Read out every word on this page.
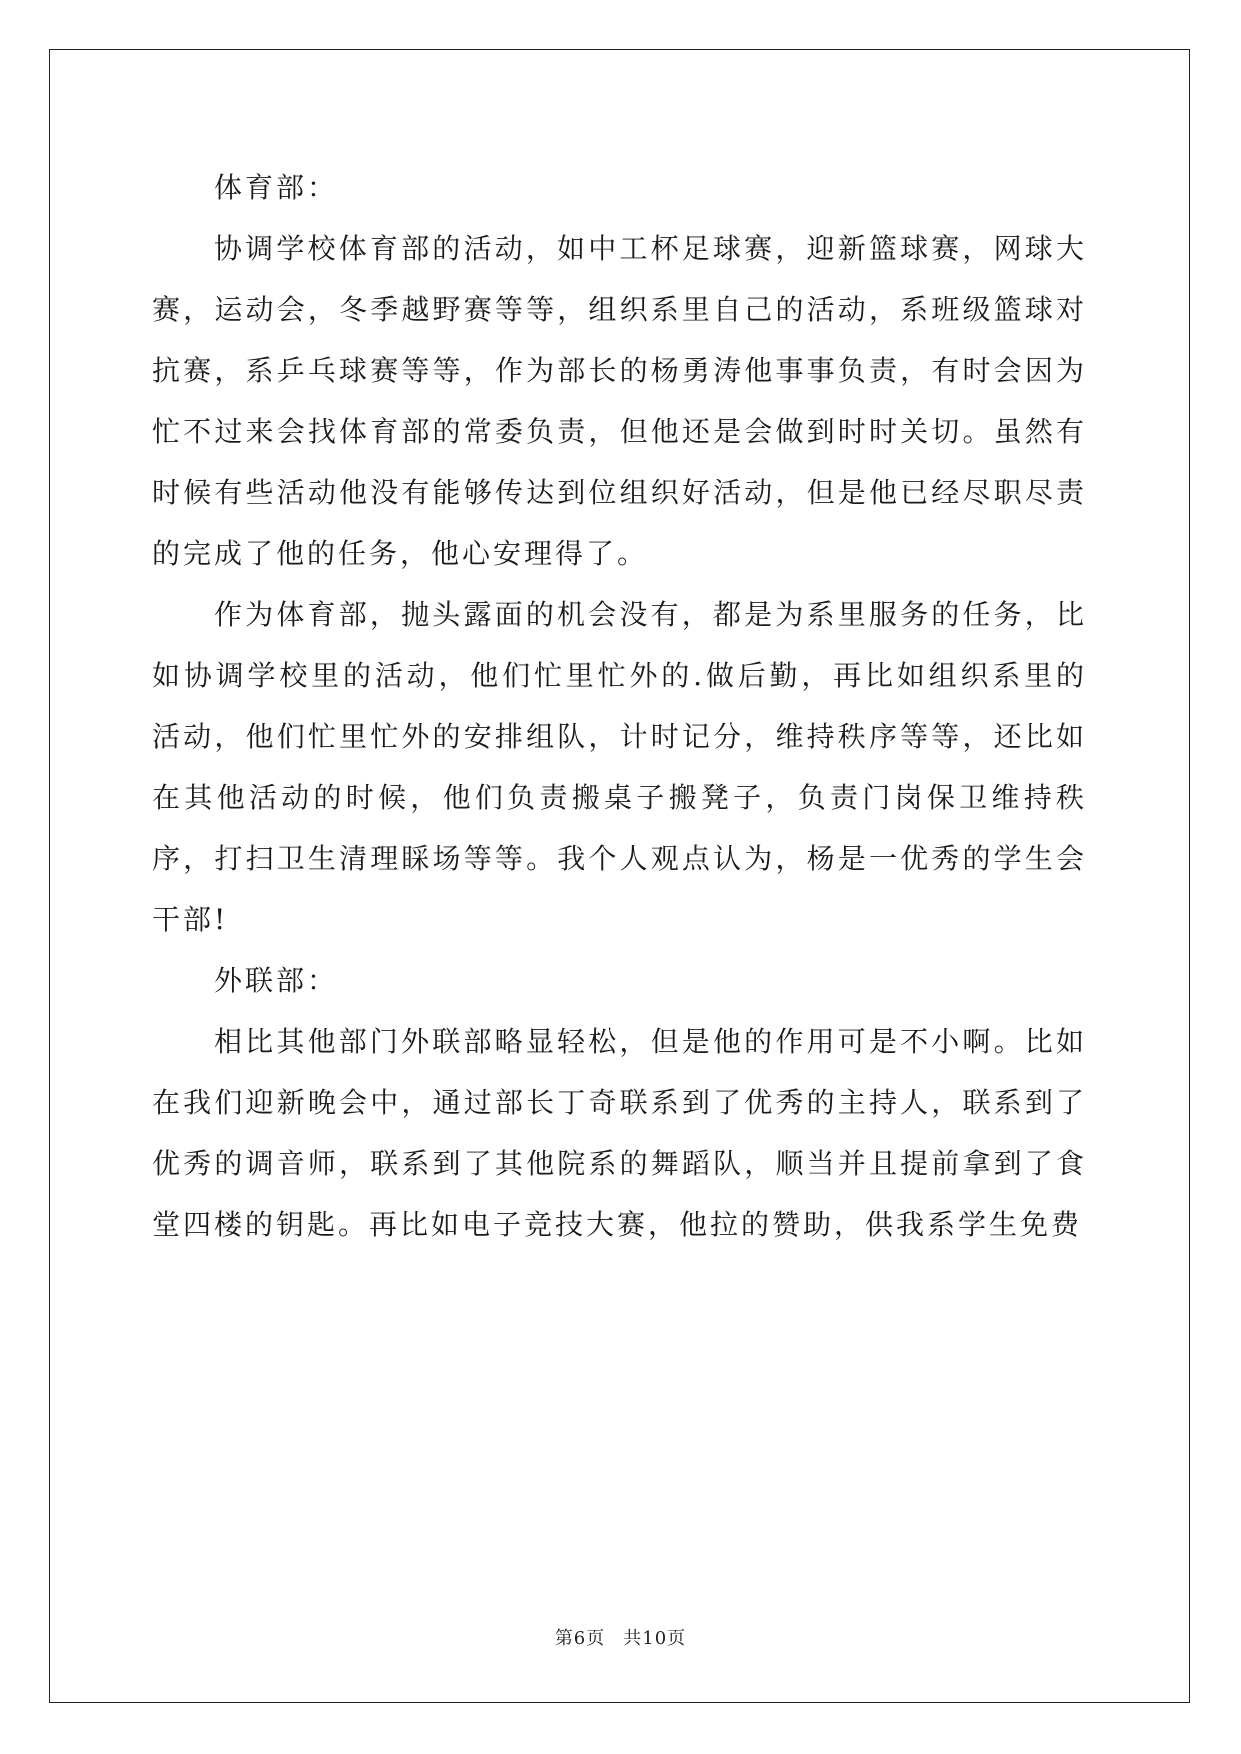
体育部：

协调学校体育部的活动，如中工杯足球赛，迎新篮球赛，网球大赛，运动会，冬季越野赛等等，组织系里自己的活动，系班级篮球对抗赛，系乒乓球赛等等，作为部长的杨勇涛他事事负责，有时会因为忙不过来会找体育部的常委负责，但他还是会做到时时关切。虽然有时候有些活动他没有能够传达到位组织好活动，但是他已经尽职尽责的完成了他的任务，他心安理得了。

作为体育部，抛头露面的机会没有，都是为系里服务的任务，比如协调学校里的活动，他们忙里忙外的.做后勤，再比如组织系里的活动，他们忙里忙外的安排组队，计时记分，维持秩序等等，还比如在其他活动的时候，他们负责搬桌子搬凳子，负责门岗保卫维持秩序，打扫卫生清理睬场等等。我个人观点认为，杨是一优秀的学生会干部!

外联部：

相比其他部门外联部略显轻松，但是他的作用可是不小啊。比如在我们迎新晚会中，通过部长丁奇联系到了优秀的主持人，联系到了优秀的调音师，联系到了其他院系的舞蹈队，顺当并且提前拿到了食堂四楼的钥匙。再比如电子竞技大赛，他拉的赞助，供我系学生免费

第6页 共10页
